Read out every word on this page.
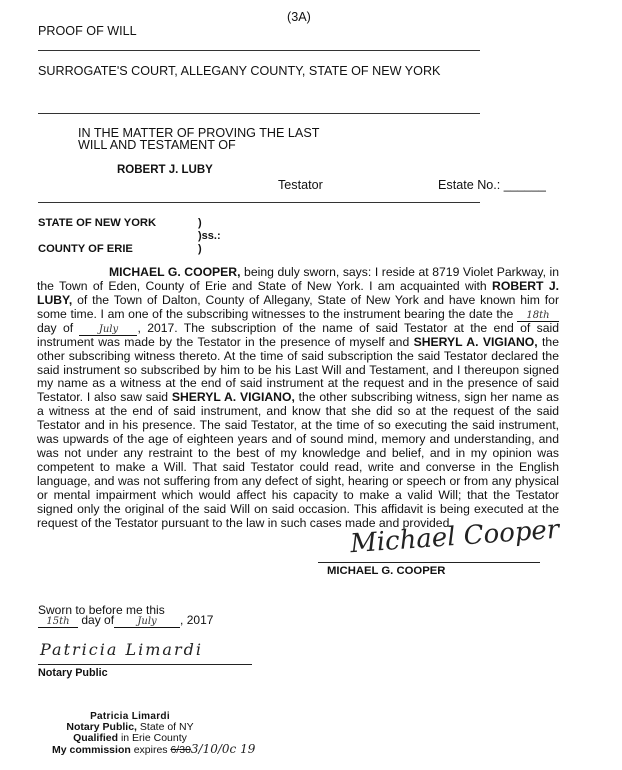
(3A)
PROOF OF WILL
SURROGATE'S COURT, ALLEGANY COUNTY, STATE OF NEW YORK
IN THE MATTER OF PROVING THE LAST
WILL AND TESTAMENT OF
ROBERT J. LUBY
Testator	Estate No.: ______
STATE OF NEW YORK	)
)ss.:
COUNTY OF ERIE	)
MICHAEL G. COOPER, being duly sworn, says: I reside at 8719 Violet Parkway, in the Town of Eden, County of Erie and State of New York. I am acquainted with ROBERT J. LUBY, of the Town of Dalton, County of Allegany, State of New York and have known him for some time. I am one of the subscribing witnesses to the instrument bearing the date the 18th day of July , 2017. The subscription of the name of said Testator at the end of said instrument was made by the Testator in the presence of myself and SHERYL A. VIGIANO, the other subscribing witness thereto. At the time of said subscription the said Testator declared the said instrument so subscribed by him to be his Last Will and Testament, and I thereupon signed my name as a witness at the end of said instrument at the request and in the presence of said Testator. I also saw said SHERYL A. VIGIANO, the other subscribing witness, sign her name as a witness at the end of said instrument, and know that she did so at the request of the said Testator and in his presence. The said Testator, at the time of so executing the said instrument, was upwards of the age of eighteen years and of sound mind, memory and understanding, and was not under any restraint to the best of my knowledge and belief, and in my opinion was competent to make a Will. That said Testator could read, write and converse in the English language, and was not suffering from any defect of sight, hearing or speech or from any physical or mental impairment which would affect his capacity to make a valid Will; that the Testator signed only the original of the said Will on said occasion. This affidavit is being executed at the request of the Testator pursuant to the law in such cases made and provided.
Michael Cooper
MICHAEL G. COOPER
Sworn to before me this
15th day of July , 2017
Patricia Limardi
Notary Public
Patricia Limardi
Notary Public, State of NY
Qualified in Erie County
My commission expires 6/303/10/0c 19
